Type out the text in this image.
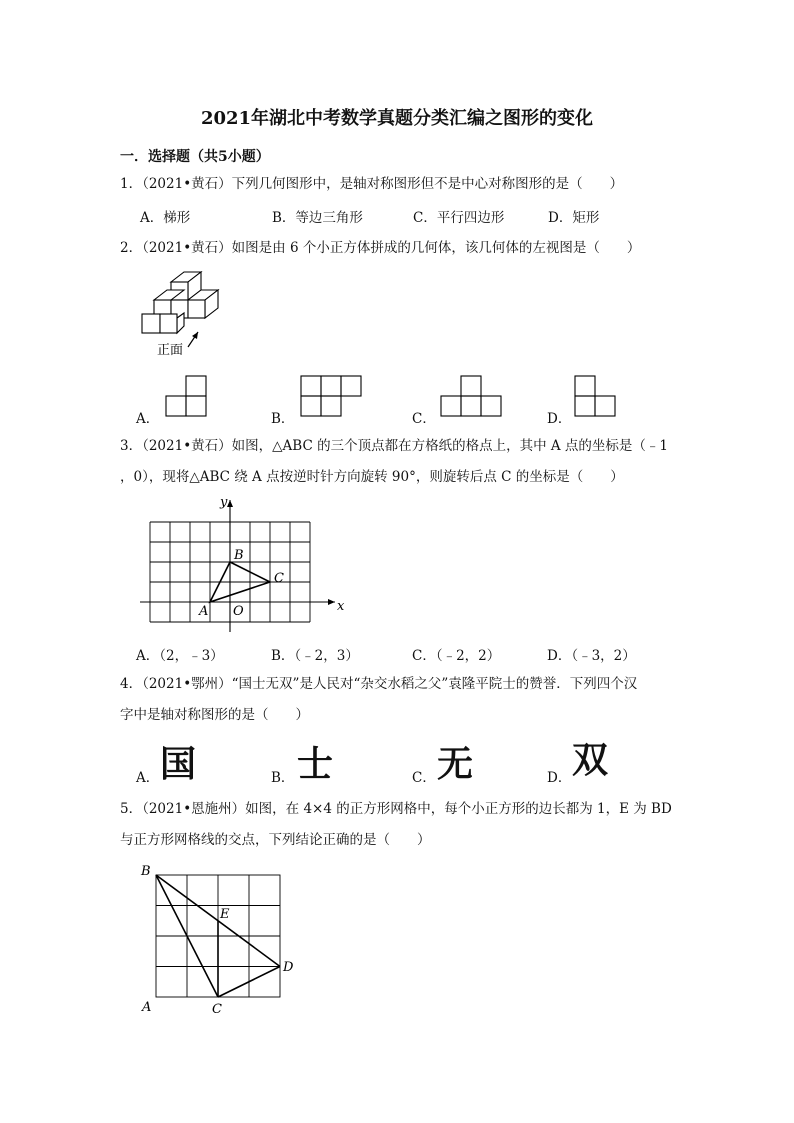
2021年湖北中考数学真题分类汇编之图形的变化
一．选择题（共5小题）
1．（2021•黄石）下列几何图形中，是轴对称图形但不是中心对称图形的是（　　）
A．梯形	B．等边三角形	C．平行四边形	D．矩形
2．（2021•黄石）如图是由 6 个小正方体拼成的几何体，该几何体的左视图是（　　）
正面
A．	B．	C．	D．
3．（2021•黄石）如图，△ABC 的三个顶点都在方格纸的格点上，其中 A 点的坐标是（﹣1
，0），现将△ABC 绕 A 点按逆时针方向旋转 90°，则旋转后点 C 的坐标是（　　）
y
x
A
B
C
O
A．（2，﹣3）	B．（﹣2，3）	C．（﹣2，2）	D．（﹣3，2）
4．（2021•鄂州）“国士无双”是人民对“杂交水稻之父”袁隆平院士的赞誉．下列四个汉
字中是轴对称图形的是（　　）
A． 国	B． 士	C． 无	D． 双
5．（2021•恩施州）如图，在 4×4 的正方形网格中，每个小正方形的边长都为 1，E 为 BD
与正方形网格线的交点，下列结论正确的是（　　）
B
A	C
D
E
